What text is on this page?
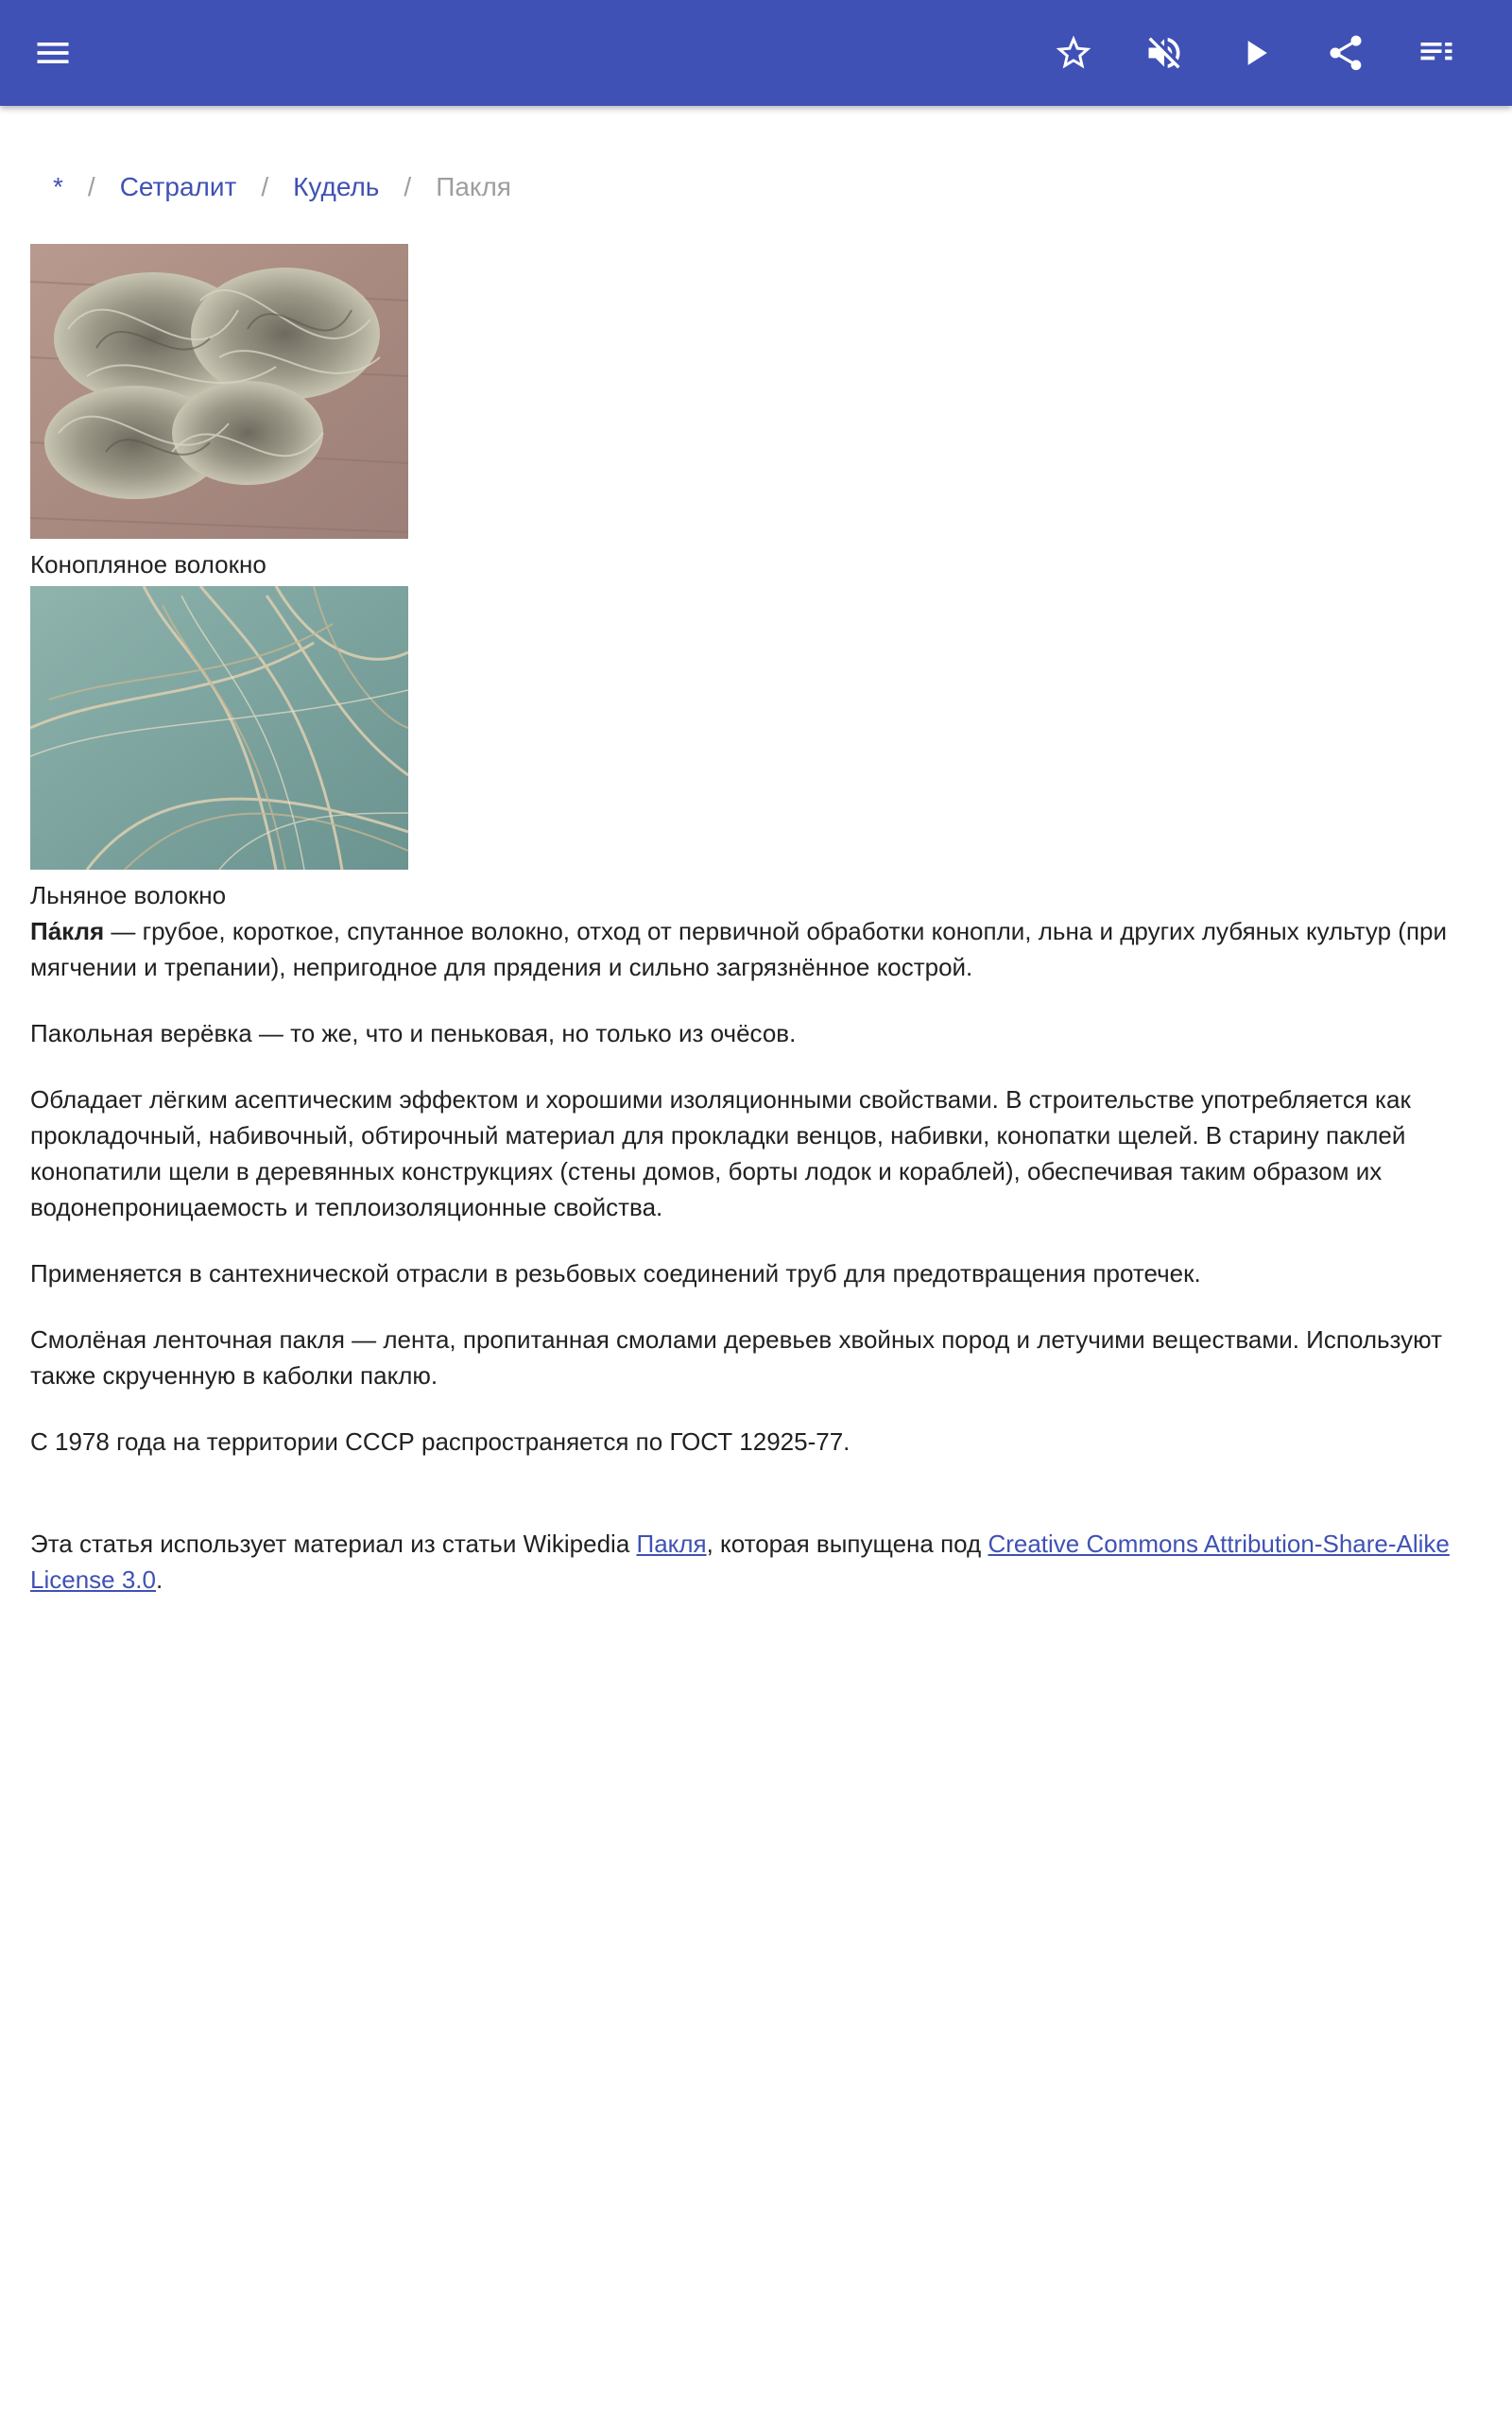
* / Сетралит / Кудель / Пакля
Конопляное волокно
Льняное волокно

Па́кля — грубое, короткое, спутанное волокно, отход от первичной обработки конопли, льна и других лубяных культур (при мягчении и трепании), непригодное для прядения и сильно загрязнённое кострой.

Пакольная верёвка — то же, что и пеньковая, но только из очёсов.

Обладает лёгким асептическим эффектом и хорошими изоляционными свойствами. В строительстве употребляется как прокладочный, набивочный, обтирочный материал для прокладки венцов, набивки, конопатки щелей. В старину паклей конопатили щели в деревянных конструкциях (стены домов, борты лодок и кораблей), обеспечивая таким образом их водонепроницаемость и теплоизоляционные свойства.

Применяется в сантехнической отрасли в резьбовых соединений труб для предотвращения протечек.

Смолёная ленточная пакля — лента, пропитанная смолами деревьев хвойных пород и летучими веществами. Используют также скрученную в каболки паклю.

С 1978 года на территории СССР распространяется по ГОСТ 12925-77.

Эта статья использует материал из статьи Wikipedia Пакля, которая выпущена под Creative Commons Attribution-Share-Alike License 3.0.
